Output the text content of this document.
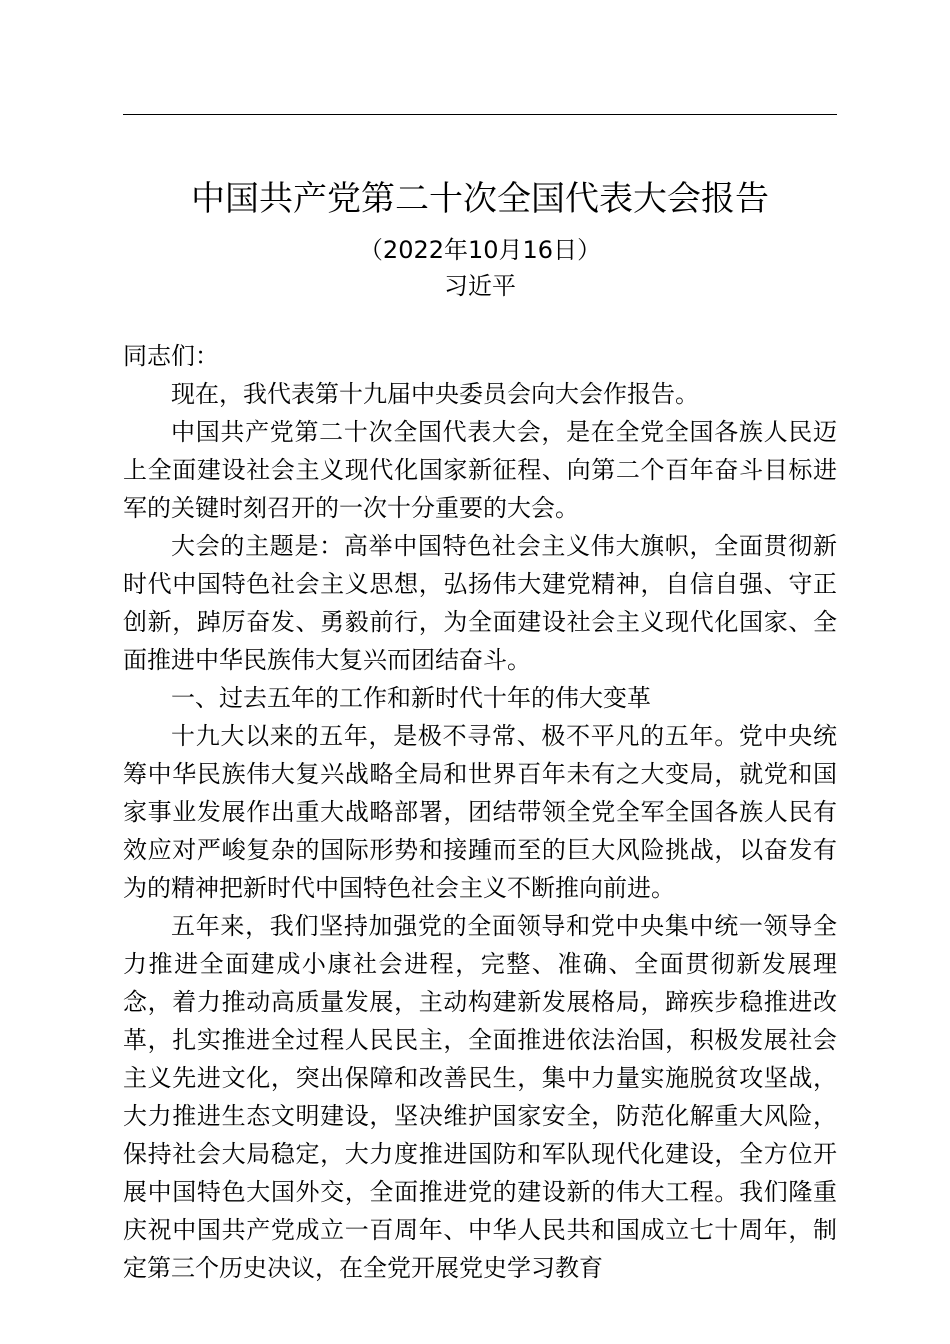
中国共产党第二十次全国代表大会报告
（2022年10月16日）
习近平

同志们：

现在，我代表第十九届中央委员会向大会作报告。

中国共产党第二十次全国代表大会，是在全党全国各族人民迈上全面建设社会主义现代化国家新征程、向第二个百年奋斗目标进军的关键时刻召开的一次十分重要的大会。

大会的主题是：高举中国特色社会主义伟大旗帜，全面贯彻新时代中国特色社会主义思想，弘扬伟大建党精神，自信自强、守正创新，踔厉奋发、勇毅前行，为全面建设社会主义现代化国家、全面推进中华民族伟大复兴而团结奋斗。

一、过去五年的工作和新时代十年的伟大变革

十九大以来的五年，是极不寻常、极不平凡的五年。党中央统筹中华民族伟大复兴战略全局和世界百年未有之大变局，就党和国家事业发展作出重大战略部署，团结带领全党全军全国各族人民有效应对严峻复杂的国际形势和接踵而至的巨大风险挑战，以奋发有为的精神把新时代中国特色社会主义不断推向前进。

五年来，我们坚持加强党的全面领导和党中央集中统一领导全力推进全面建成小康社会进程，完整、准确、全面贯彻新发展理念，着力推动高质量发展，主动构建新发展格局，蹄疾步稳推进改革，扎实推进全过程人民民主，全面推进依法治国，积极发展社会主义先进文化，突出保障和改善民生，集中力量实施脱贫攻坚战，大力推进生态文明建设，坚决维护国家安全，防范化解重大风险，保持社会大局稳定，大力度推进国防和军队现代化建设，全方位开展中国特色大国外交，全面推进党的建设新的伟大工程。我们隆重庆祝中国共产党成立一百周年、中华人民共和国成立七十周年，制定第三个历史决议，在全党开展党史学习教育
